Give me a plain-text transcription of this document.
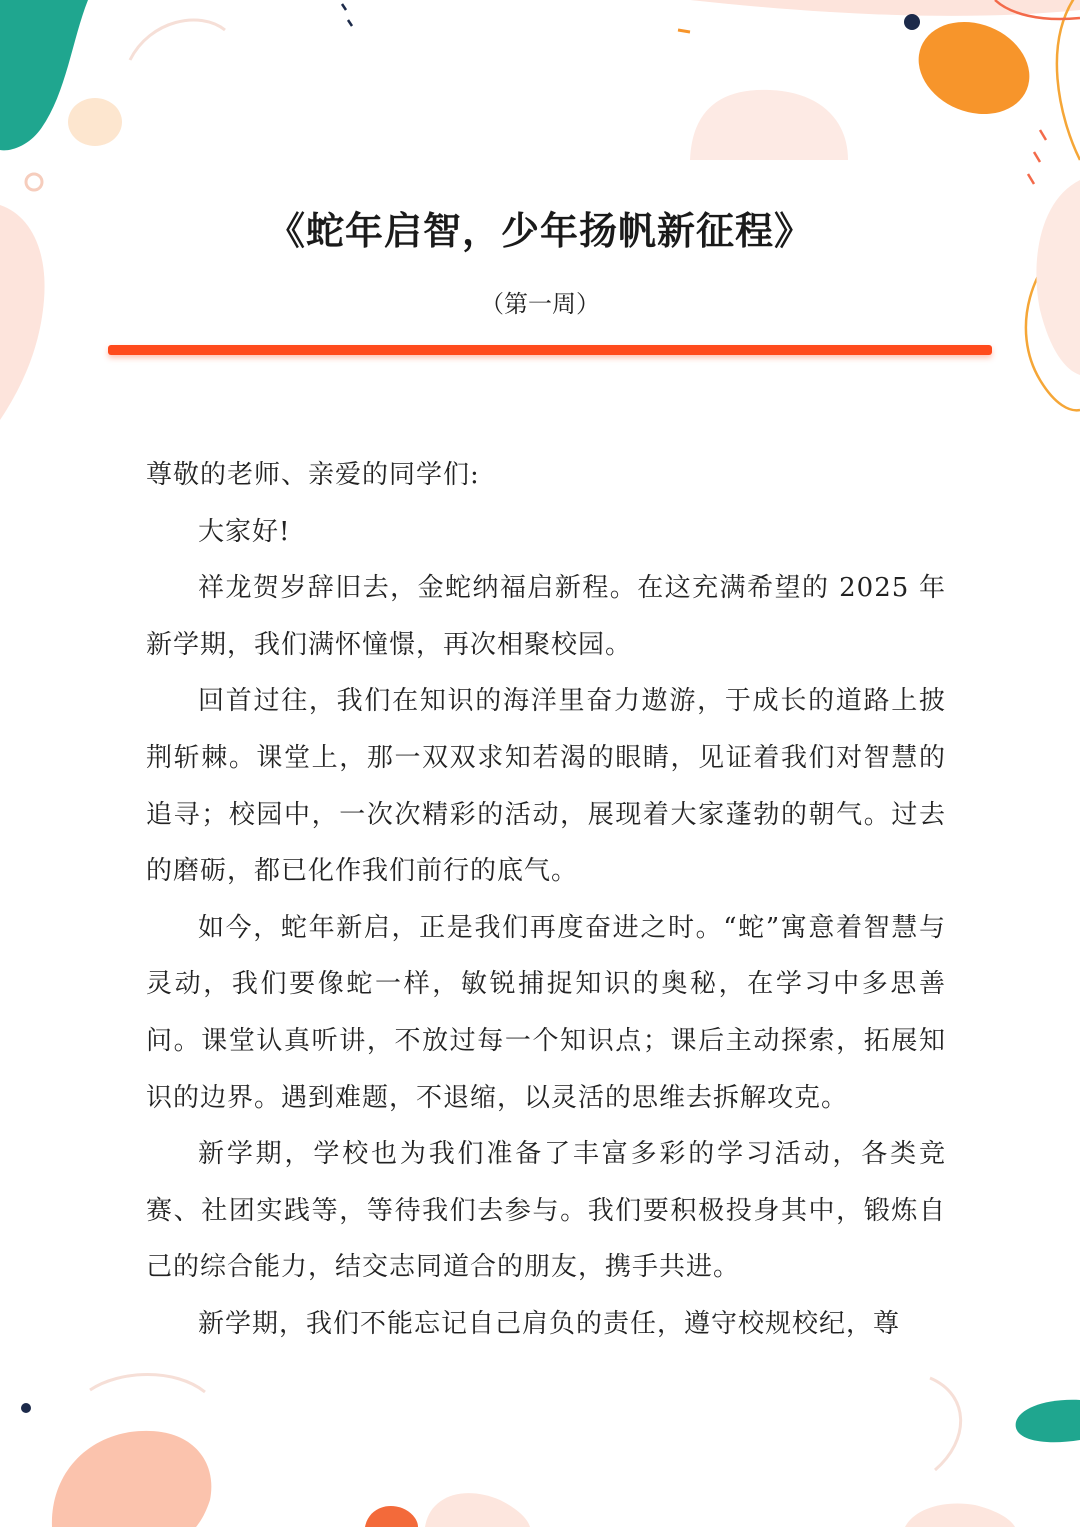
《蛇年启智，少年扬帆新征程》
（第一周）

尊敬的老师、亲爱的同学们:

大家好!

祥龙贺岁辞旧去，金蛇纳福启新程。在这充满希望的 2025 年新学期，我们满怀憧憬，再次相聚校园。

回首过往，我们在知识的海洋里奋力遨游，于成长的道路上披荆斩棘。课堂上，那一双双求知若渴的眼睛，见证着我们对智慧的追寻；校园中，一次次精彩的活动，展现着大家蓬勃的朝气。过去的磨砺，都已化作我们前行的底气。

如今，蛇年新启，正是我们再度奋进之时。“蛇”寓意着智慧与灵动，我们要像蛇一样，敏锐捕捉知识的奥秘，在学习中多思善问。课堂认真听讲，不放过每一个知识点；课后主动探索，拓展知识的边界。遇到难题，不退缩，以灵活的思维去拆解攻克。

新学期，学校也为我们准备了丰富多彩的学习活动，各类竞赛、社团实践等，等待我们去参与。我们要积极投身其中，锻炼自己的综合能力，结交志同道合的朋友，携手共进。

新学期，我们不能忘记自己肩负的责任，遵守校规校纪，尊
